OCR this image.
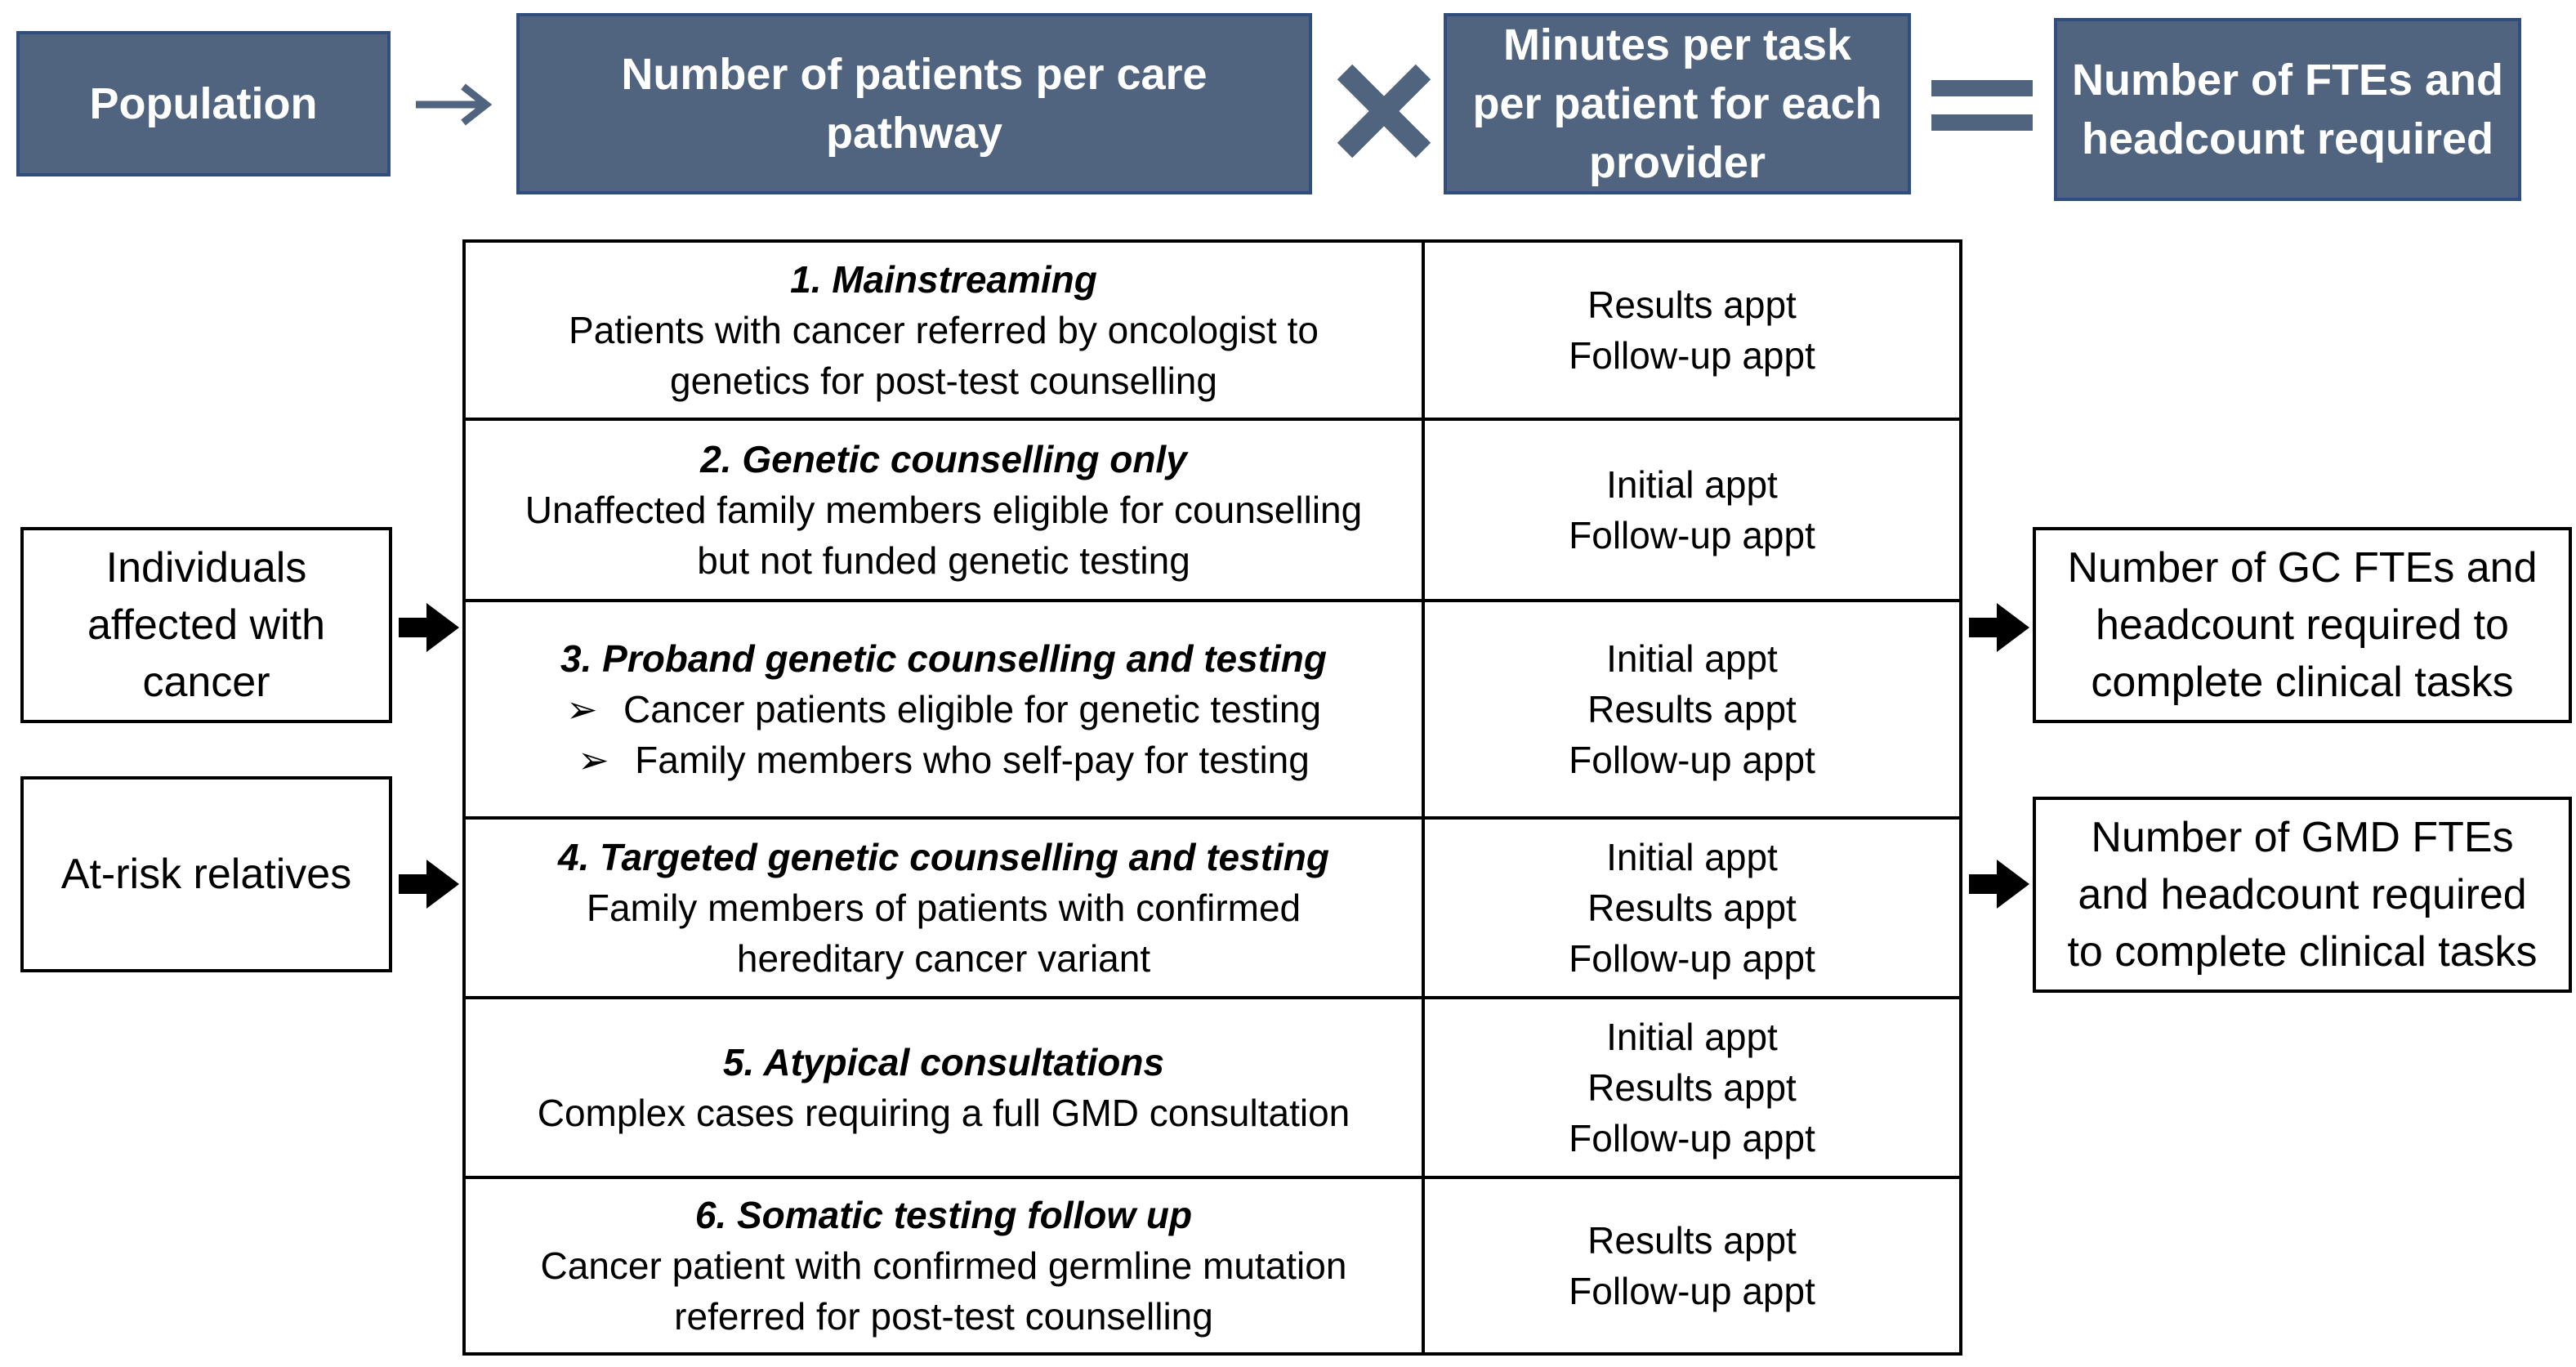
Population
Number of patients per care
pathway
Minutes per task
per patient for each
provider
Number of FTEs and
headcount required
Individuals
affected with
cancer
At-risk relatives
1. Mainstreaming
Patients with cancer referred by oncologist to
genetics for post-test counselling
Results appt
Follow-up appt
2. Genetic counselling only
Unaffected family members eligible for counselling
but not funded genetic testing
Initial appt
Follow-up appt
3. Proband genetic counselling and testing
➢ Cancer patients eligible for genetic testing
➢ Family members who self-pay for testing
Initial appt
Results appt
Follow-up appt
4. Targeted genetic counselling and testing
Family members of patients with confirmed
hereditary cancer variant
Initial appt
Results appt
Follow-up appt
5. Atypical consultations
Complex cases requiring a full GMD consultation
Initial appt
Results appt
Follow-up appt
6. Somatic testing follow up
Cancer patient with confirmed germline mutation
referred for post-test counselling
Results appt
Follow-up appt
Number of GC FTEs and
headcount required to
complete clinical tasks
Number of GMD FTEs
and headcount required
to complete clinical tasks
